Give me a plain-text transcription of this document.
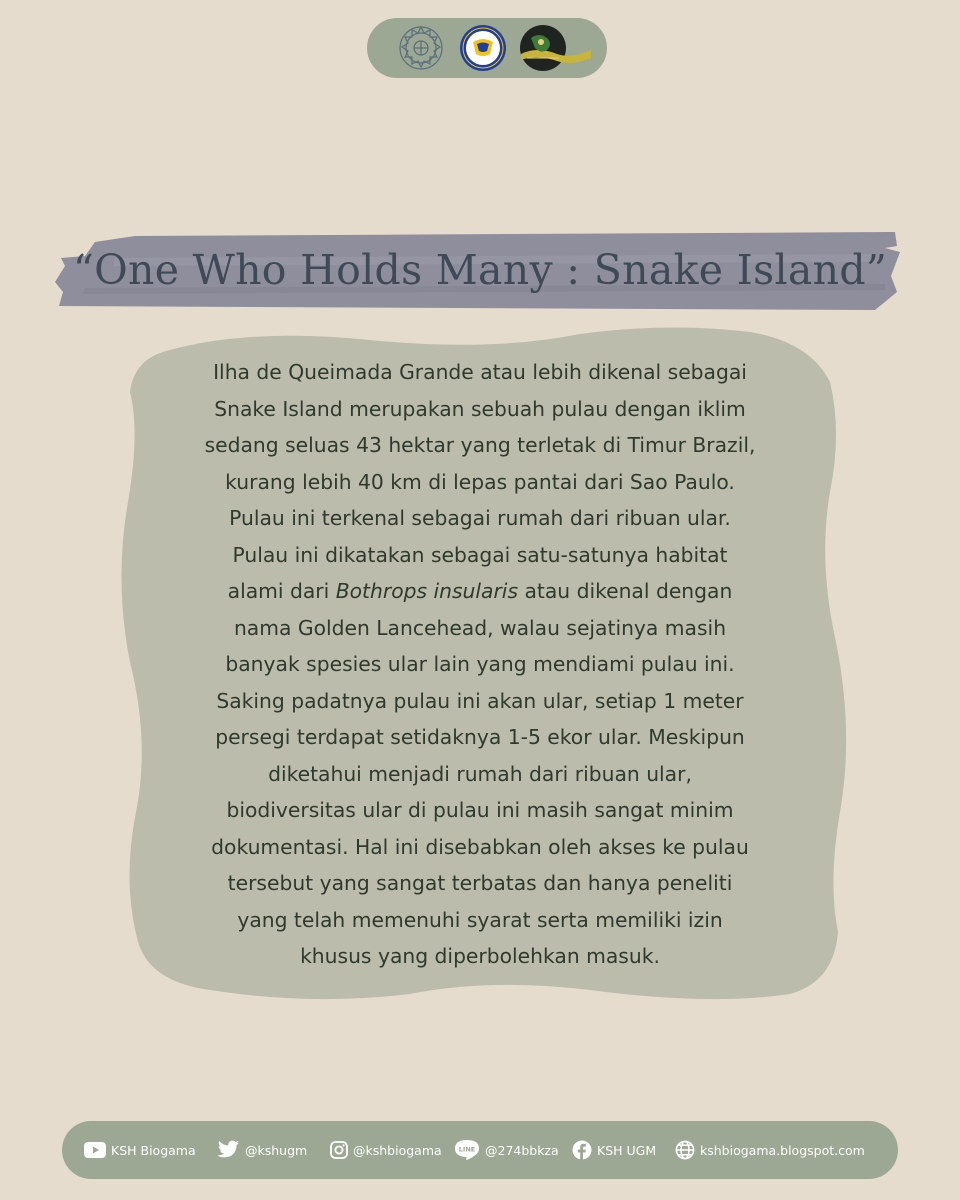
“One Who Holds Many : Snake Island”
Ilha de Queimada Grande atau lebih dikenal sebagai
Snake Island merupakan sebuah pulau dengan iklim
sedang seluas 43 hektar yang terletak di Timur Brazil,
kurang lebih 40 km di lepas pantai dari Sao Paulo.
Pulau ini terkenal sebagai rumah dari ribuan ular.
Pulau ini dikatakan sebagai satu-satunya habitat
alami dari Bothrops insularis atau dikenal dengan
nama Golden Lancehead, walau sejatinya masih
banyak spesies ular lain yang mendiami pulau ini.
Saking padatnya pulau ini akan ular, setiap 1 meter
persegi terdapat setidaknya 1-5 ekor ular. Meskipun
diketahui menjadi rumah dari ribuan ular,
biodiversitas ular di pulau ini masih sangat minim
dokumentasi. Hal ini disebabkan oleh akses ke pulau
tersebut yang sangat terbatas dan hanya peneliti
yang telah memenuhi syarat serta memiliki izin
khusus yang diperbolehkan masuk.
KSH Biogama	@kshugm	@kshbiogama	LINE @274bbkza	KSH UGM	kshbiogama.blogspot.com
